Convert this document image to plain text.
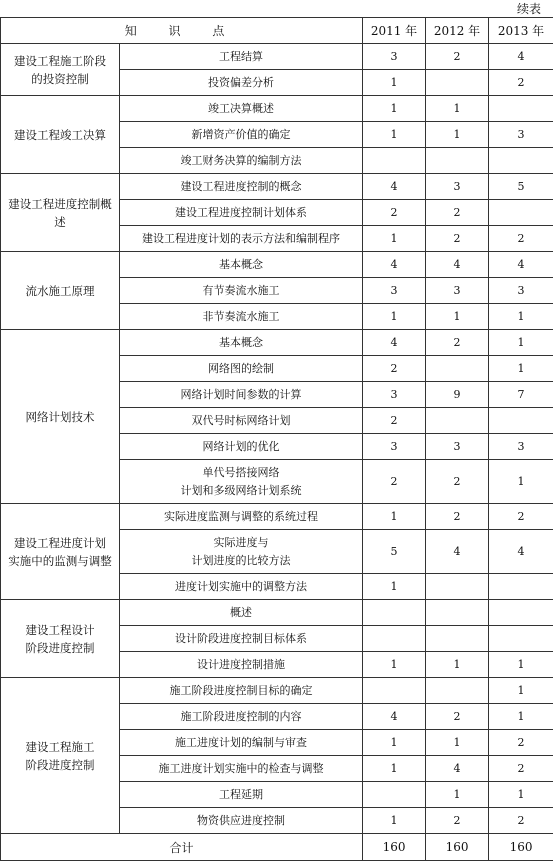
续表
知 识 点		2011 年	2012 年	2013 年
建设工程施工阶段
的投资控制	工程结算	3	2	4
	投资偏差分析	1		2
建设工程竣工决算	竣工决算概述	1	1	
	新增资产价值的确定	1	1	3
	竣工财务决算的编制方法			
建设工程进度控制概述	建设工程进度控制的概念	4	3	5
	建设工程进度控制计划体系	2	2	
	建设工程进度计划的表示方法和编制程序	1	2	2
流水施工原理	基本概念	4	4	4
	有节奏流水施工	3	3	3
	非节奏流水施工	1	1	1
网络计划技术	基本概念	4	2	1
	网络图的绘制	2		1
	网络计划时间参数的计算	3	9	7
	双代号时标网络计划	2		
	网络计划的优化	3	3	3
	单代号搭接网络
计划和多级网络计划系统	2	2	1
建设工程进度计划
实施中的监测与调整	实际进度监测与调整的系统过程	1	2	2
	实际进度与
计划进度的比较方法	5	4	4
	进度计划实施中的调整方法	1		
建设工程设计
阶段进度控制	概述			
	设计阶段进度控制目标体系			
	设计进度控制措施	1	1	1
建设工程施工
阶段进度控制	施工阶段进度控制目标的确定			1
	施工阶段进度控制的内容	4	2	1
	施工进度计划的编制与审查	1	1	2
	施工进度计划实施中的检查与调整	1	4	2
	工程延期		1	1
	物资供应进度控制	1	2	2
合计		160	160	160
